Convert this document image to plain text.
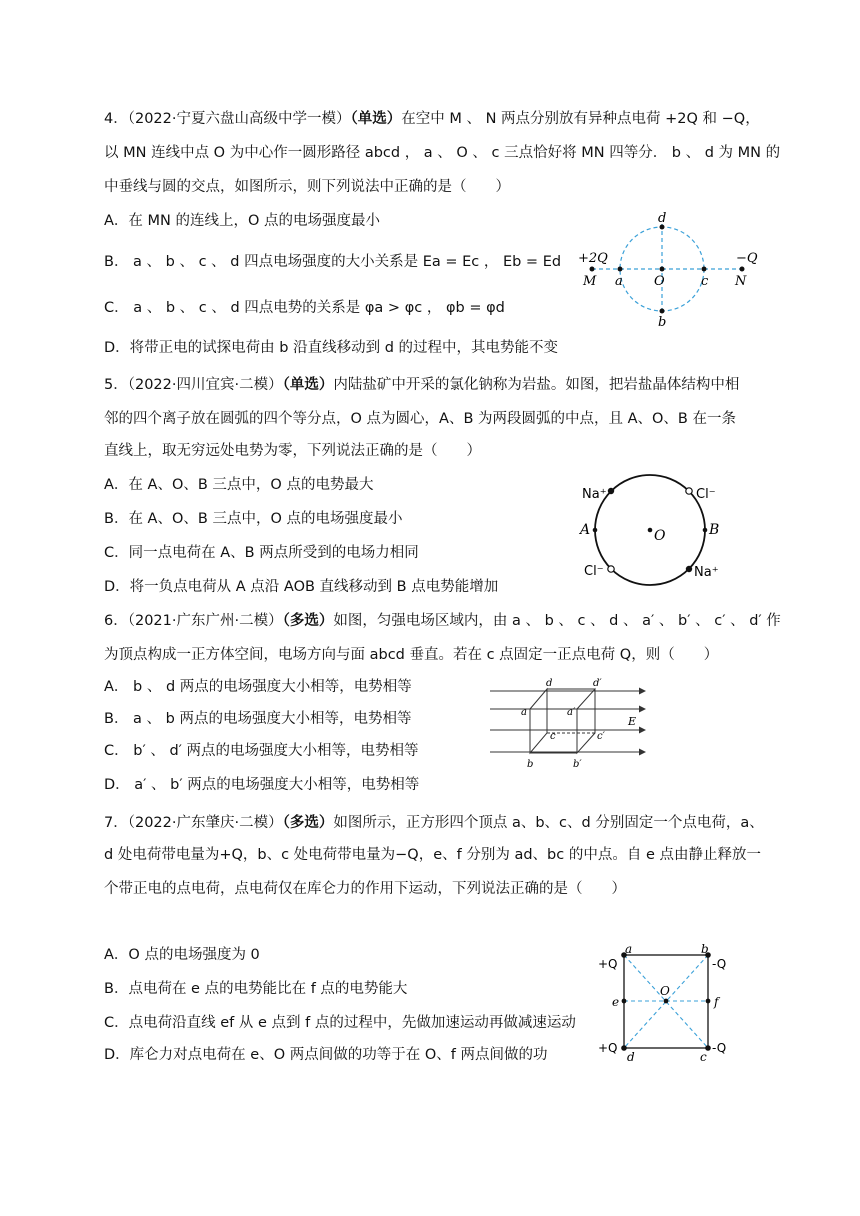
4．（2022·宁夏六盘山高级中学一模）（单选）在空中 M 、 N 两点分别放有异种点电荷 +2Q 和 −Q，
以 MN 连线中点 O 为中心作一圆形路径 abcd ， a 、 O 、 c 三点恰好将 MN 四等分． b 、 d 为 MN 的
中垂线与圆的交点，如图所示，则下列说法中正确的是（　　）
A．在 MN 的连线上，O 点的电场强度最小
B． a 、 b 、 c 、 d 四点电场强度的大小关系是 Ea = Ec ， Eb = Ed
C． a 、 b 、 c 、 d 四点电势的关系是 φa > φc ， φb = φd
D．将带正电的试探电荷由 b 沿直线移动到 d 的过程中，其电势能不变
d
b
a O	c
M	N
+2Q	−Q
5．（2022·四川宜宾·二模）（单选）内陆盐矿中开采的氯化钠称为岩盐。如图，把岩盐晶体结构中相
邻的四个离子放在圆弧的四个等分点，O 点为圆心，A、B 为两段圆弧的中点，且 A、O、B 在一条
直线上，取无穷远处电势为零，下列说法正确的是（　　）
A．在 A、O、B 三点中，O 点的电势最大
B．在 A、O、B 三点中，O 点的电场强度最小
C．同一点电荷在 A、B 两点所受到的电场力相同
D．将一负点电荷从 A 点沿 AOB 直线移动到 B 点电势能增加
Na⁺	Cl⁻
Cl⁻	Na⁺
A	O	B
6．（2021·广东广州·二模）（多选）如图，匀强电场区域内，由 a 、 b 、 c 、 d 、 a′ 、 b′ 、 c′ 、 d′ 作
为顶点构成一正方体空间，电场方向与面 abcd 垂直。若在 c 点固定一正点电荷 Q，则（　　）
A． b 、 d 两点的电场强度大小相等，电势相等
B． a 、 b 两点的电场强度大小相等，电势相等
C． b′ 、 d′ 两点的电场强度大小相等，电势相等
D． a′ 、 b′ 两点的电场强度大小相等，电势相等
d	d′
a	a′
c	c′
b	b′
E
7．（2022·广东肇庆·二模）（多选）如图所示，正方形四个顶点 a、b、c、d 分别固定一个点电荷，a、
d 处电荷带电量为+Q，b、c 处电荷带电量为−Q，e、f 分别为 ad、bc 的中点。自 e 点由静止释放一
个带正电的点电荷，点电荷仅在库仑力的作用下运动，下列说法正确的是（　　）
A．O 点的电场强度为 0
B．点电荷在 e 点的电势能比在 f 点的电势能大
C．点电荷沿直线 ef 从 e 点到 f 点的过程中，先做加速运动再做减速运动
D．库仑力对点电荷在 e、O 两点间做的功等于在 O、f 两点间做的功
a	b
c
d
e	f
O
+Q	-Q
-Q
+Q
